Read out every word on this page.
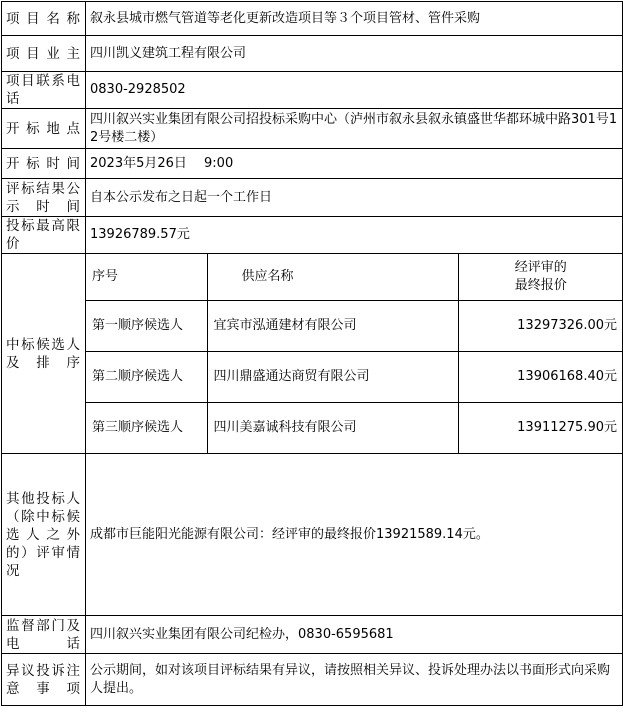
项目名称	叙永县城市燃气管道等老化更新改造项目等３个项目管材、管件采购
项目业主	四川凯义建筑工程有限公司
项目联系电话	0830-2928502
开标地点	四川叙兴实业集团有限公司招投标采购中心（泸州市叙永县叙永镇盛世华都环城中路301号12号楼二楼）
开标时间	2023年5月26日　 9:00
评标结果公示时间	自本公示发布之日起一个工作日
投标最高限价	13926789.57元
中标候选人及排序	
序号	供应名称	经评审的
最终报价
第一顺序候选人	宜宾市泓通建材有限公司	13297326.00元
第二顺序候选人	四川鼎盛通达商贸有限公司	13906168.40元
第三顺序候选人	四川美嘉诚科技有限公司	13911275.90元

其他投标人（除中标候选人之外的）评审情况	成都市巨能阳光能源有限公司：经评审的最终报价13921589.14元。
监督部门及电话	四川叙兴实业集团有限公司纪检办，0830-6595681
异议投诉注意事项	公示期间，如对该项目评标结果有异议，请按照相关异议、投诉处理办法以书面形式向采购人提出。
